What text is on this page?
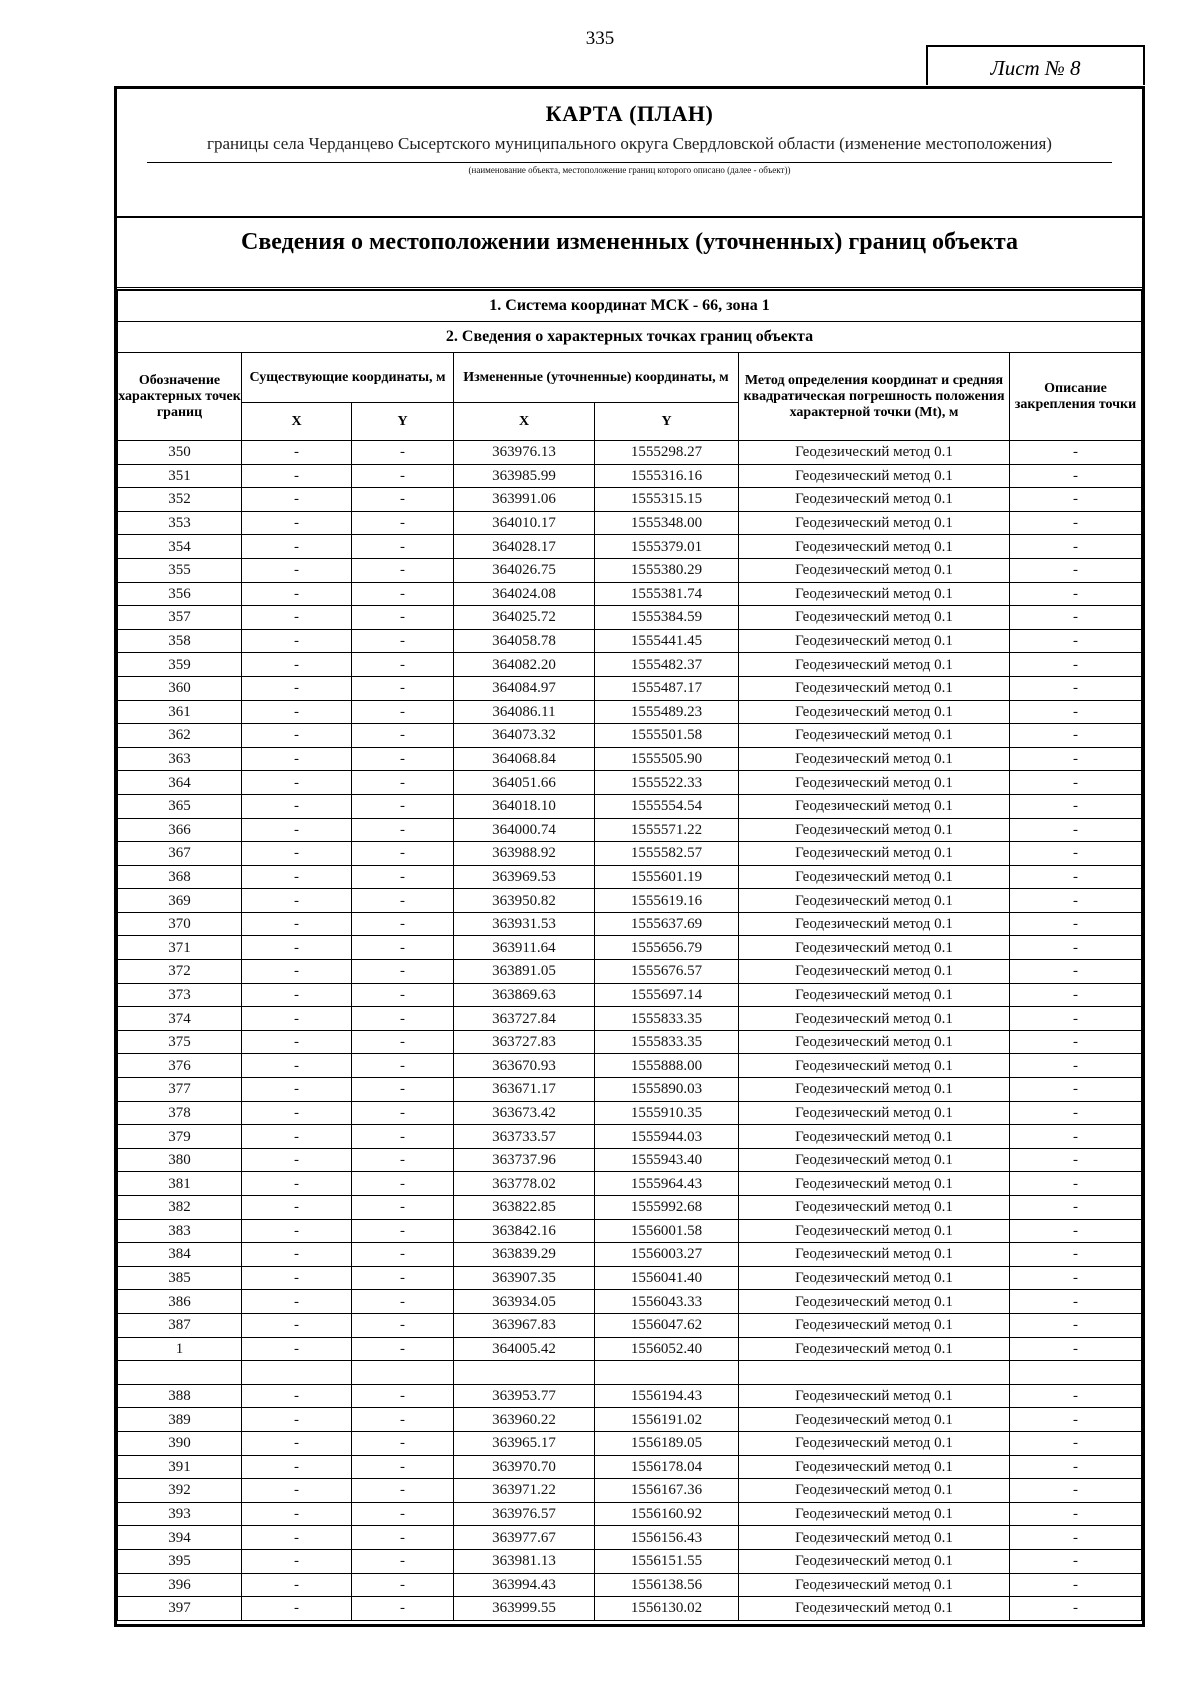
335
Лист № 8
КАРТА (ПЛАН)
границы села Черданцево Сысертского муниципального округа Свердловской области (изменение местоположения)
(наименование объекта, местоположение границ которого описано (далее - объект))
Сведения о местоположении измененных (уточненных) границ объекта
1. Система координат МСК - 66, зона 1						
2. Сведения о характерных точках границ объекта						
Обозначение характерных точек границ	Существующие координаты, м		Измененные (уточненные) координаты, м		Метод определения координат и средняя квадратическая погрешность положения характерной точки (Mt), м	Описание закрепления точки
	X	Y	X	Y		
350	-	-	363976.13	1555298.27	Геодезический метод 0.1	-
351	-	-	363985.99	1555316.16	Геодезический метод 0.1	-
352	-	-	363991.06	1555315.15	Геодезический метод 0.1	-
353	-	-	364010.17	1555348.00	Геодезический метод 0.1	-
354	-	-	364028.17	1555379.01	Геодезический метод 0.1	-
355	-	-	364026.75	1555380.29	Геодезический метод 0.1	-
356	-	-	364024.08	1555381.74	Геодезический метод 0.1	-
357	-	-	364025.72	1555384.59	Геодезический метод 0.1	-
358	-	-	364058.78	1555441.45	Геодезический метод 0.1	-
359	-	-	364082.20	1555482.37	Геодезический метод 0.1	-
360	-	-	364084.97	1555487.17	Геодезический метод 0.1	-
361	-	-	364086.11	1555489.23	Геодезический метод 0.1	-
362	-	-	364073.32	1555501.58	Геодезический метод 0.1	-
363	-	-	364068.84	1555505.90	Геодезический метод 0.1	-
364	-	-	364051.66	1555522.33	Геодезический метод 0.1	-
365	-	-	364018.10	1555554.54	Геодезический метод 0.1	-
366	-	-	364000.74	1555571.22	Геодезический метод 0.1	-
367	-	-	363988.92	1555582.57	Геодезический метод 0.1	-
368	-	-	363969.53	1555601.19	Геодезический метод 0.1	-
369	-	-	363950.82	1555619.16	Геодезический метод 0.1	-
370	-	-	363931.53	1555637.69	Геодезический метод 0.1	-
371	-	-	363911.64	1555656.79	Геодезический метод 0.1	-
372	-	-	363891.05	1555676.57	Геодезический метод 0.1	-
373	-	-	363869.63	1555697.14	Геодезический метод 0.1	-
374	-	-	363727.84	1555833.35	Геодезический метод 0.1	-
375	-	-	363727.83	1555833.35	Геодезический метод 0.1	-
376	-	-	363670.93	1555888.00	Геодезический метод 0.1	-
377	-	-	363671.17	1555890.03	Геодезический метод 0.1	-
378	-	-	363673.42	1555910.35	Геодезический метод 0.1	-
379	-	-	363733.57	1555944.03	Геодезический метод 0.1	-
380	-	-	363737.96	1555943.40	Геодезический метод 0.1	-
381	-	-	363778.02	1555964.43	Геодезический метод 0.1	-
382	-	-	363822.85	1555992.68	Геодезический метод 0.1	-
383	-	-	363842.16	1556001.58	Геодезический метод 0.1	-
384	-	-	363839.29	1556003.27	Геодезический метод 0.1	-
385	-	-	363907.35	1556041.40	Геодезический метод 0.1	-
386	-	-	363934.05	1556043.33	Геодезический метод 0.1	-
387	-	-	363967.83	1556047.62	Геодезический метод 0.1	-
1	-	-	364005.42	1556052.40	Геодезический метод 0.1	-

388	-	-	363953.77	1556194.43	Геодезический метод 0.1	-
389	-	-	363960.22	1556191.02	Геодезический метод 0.1	-
390	-	-	363965.17	1556189.05	Геодезический метод 0.1	-
391	-	-	363970.70	1556178.04	Геодезический метод 0.1	-
392	-	-	363971.22	1556167.36	Геодезический метод 0.1	-
393	-	-	363976.57	1556160.92	Геодезический метод 0.1	-
394	-	-	363977.67	1556156.43	Геодезический метод 0.1	-
395	-	-	363981.13	1556151.55	Геодезический метод 0.1	-
396	-	-	363994.43	1556138.56	Геодезический метод 0.1	-
397	-	-	363999.55	1556130.02	Геодезический метод 0.1	-
